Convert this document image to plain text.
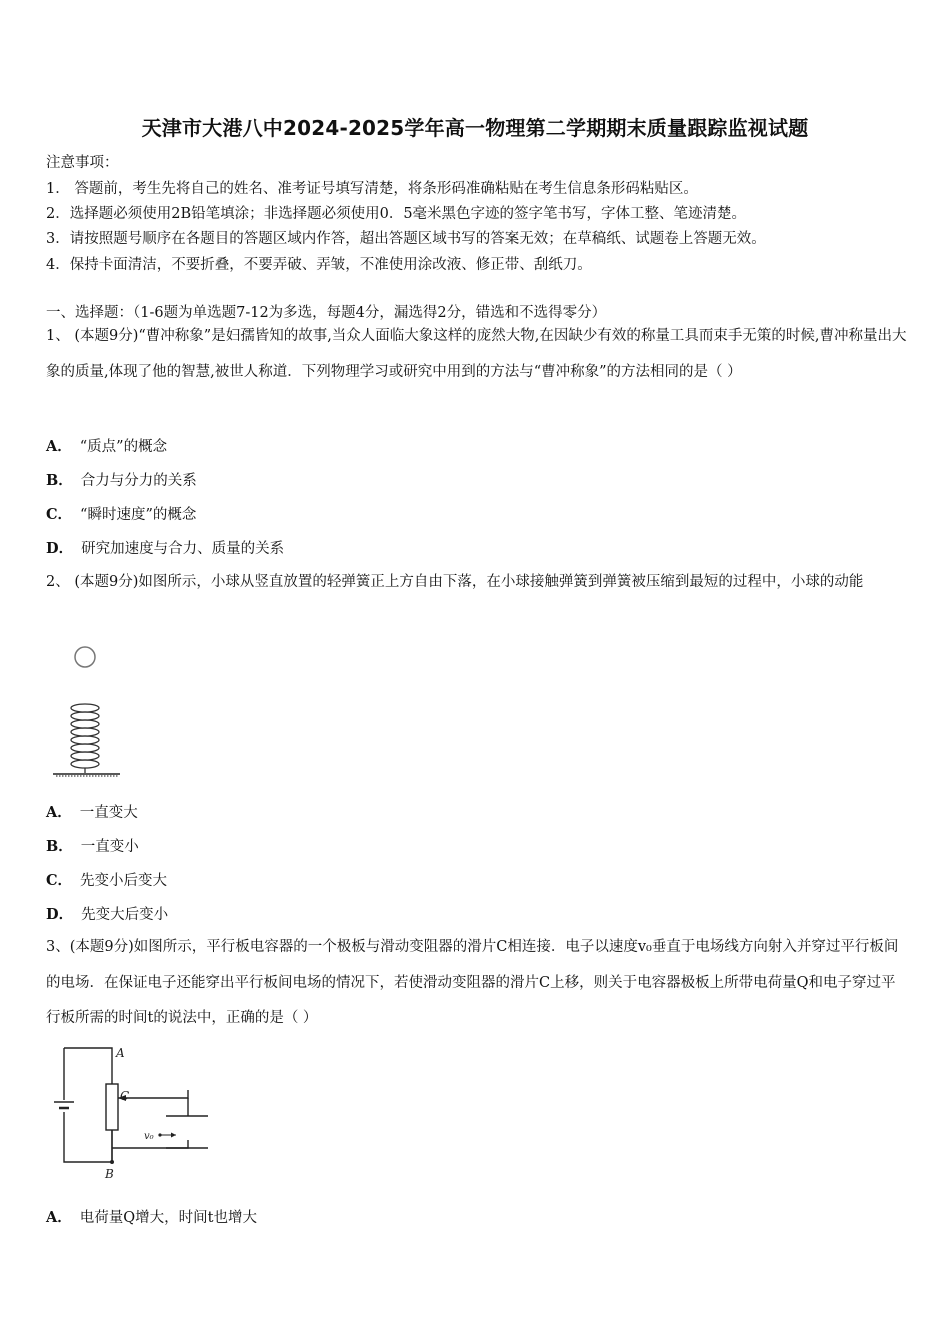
天津市大港八中2024-2025学年高一物理第二学期期末质量跟踪监视试题
注意事项：
1． 答题前，考生先将自己的姓名、准考证号填写清楚，将条形码准确粘贴在考生信息条形码粘贴区。
2．选择题必须使用2B铅笔填涂；非选择题必须使用0．5毫米黑色字迹的签字笔书写，字体工整、笔迹清楚。
3．请按照题号顺序在各题目的答题区域内作答，超出答题区域书写的答案无效；在草稿纸、试题卷上答题无效。
4．保持卡面清洁，不要折叠，不要弄破、弄皱，不准使用涂改液、修正带、刮纸刀。
一、选择题：（1-6题为单选题7-12为多选，每题4分，漏选得2分，错选和不选得零分）
1、 (本题9分)“曹冲称象”是妇孺皆知的故事,当众人面临大象这样的庞然大物,在因缺少有效的称量工具而束手无策的时候,曹冲称量出大象的质量,体现了他的智慧,被世人称道．下列物理学习或研究中用到的方法与“曹冲称象”的方法相同的是（ ）
A． “质点”的概念
B． 合力与分力的关系
C． “瞬时速度”的概念
D． 研究加速度与合力、质量的关系
2、 (本题9分)如图所示，小球从竖直放置的轻弹簧正上方自由下落，在小球接触弹簧到弹簧被压缩到最短的过程中，小球的动能
A． 一直变大
B． 一直变小
C． 先变小后变大
D． 先变大后变小
3、(本题9分)如图所示，平行板电容器的一个极板与滑动变阻器的滑片C相连接．电子以速度v₀垂直于电场线方向射入并穿过平行板间的电场．在保证电子还能穿出平行板间电场的情况下，若使滑动变阻器的滑片C上移，则关于电容器极板上所带电荷量Q和电子穿过平行板所需的时间t的说法中，正确的是（ ）
A
C
v₀
B
A． 电荷量Q增大，时间t也增大
